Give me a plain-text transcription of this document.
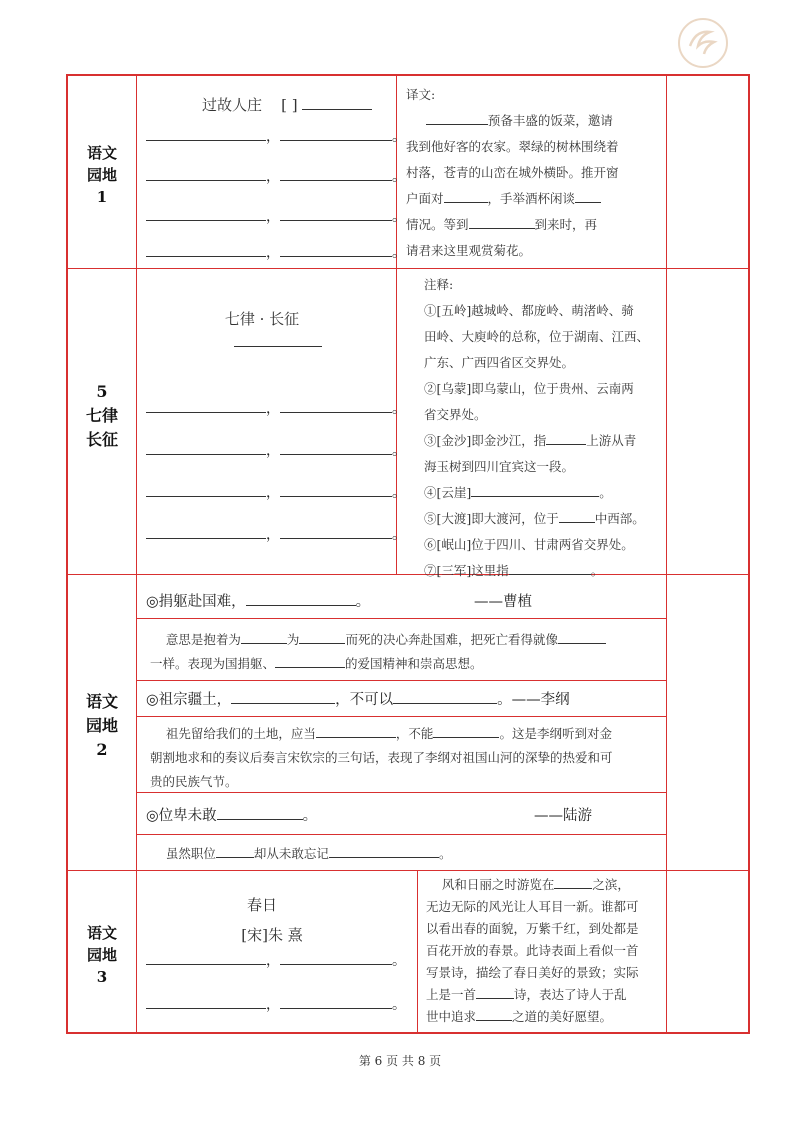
语文
园地
1
过故人庄 [ ]
，	。
，	。
，	。
，	。
译文:
预备丰盛的饭菜，邀请
我到他好客的农家。翠绿的树林围绕着
村落，苍青的山峦在城外横卧。推开窗
户面对	，手举酒杯闲谈
情况。等到	到来时，再
请君来这里观赏菊花。
5
七律
长征
七律 · 长征
，	。
，	。
，	。
，	。
注释:
①[五岭]越城岭、都庞岭、萌渚岭、骑
田岭、大庾岭的总称，位于湖南、江西、
广东、广西四省区交界处。
②[乌蒙]即乌蒙山，位于贵州、云南两
省交界处。
③[金沙]即金沙江，指	上游从青
海玉树到四川宜宾这一段。
④[云崖]	。
⑤[大渡]即大渡河，位于	中西部。
⑥[岷山]位于四川、甘肃两省交界处。
⑦[三军]这里指	。
语文
园地
2
◎捐躯赴国难，	。	——曹植
意思是抱着为	为	而死的决心奔赴国难，把死亡看得就像
一样。表现为国捐躯、	的爱国精神和崇高思想。
◎祖宗疆土，	，不可以	。——李纲
祖先留给我们的土地，应当	，不能	。这是李纲听到对金
朝割地求和的奏议后奏言宋钦宗的三句话，表现了李纲对祖国山河的深挚的热爱和可
贵的民族气节。
◎位卑未敢	。	——陆游
虽然职位	却从未敢忘记	。
语文
园地
3
春日
[宋]朱 熹
，	。
，	。
风和日丽之时游览在	之滨，
无边无际的风光让人耳目一新。谁都可
以看出春的面貌，万紫千红，到处都是
百花开放的春景。此诗表面上看似一首
写景诗，描绘了春日美好的景致；实际
上是一首	诗，表达了诗人于乱
世中追求	之道的美好愿望。
第 6 页 共 8 页
